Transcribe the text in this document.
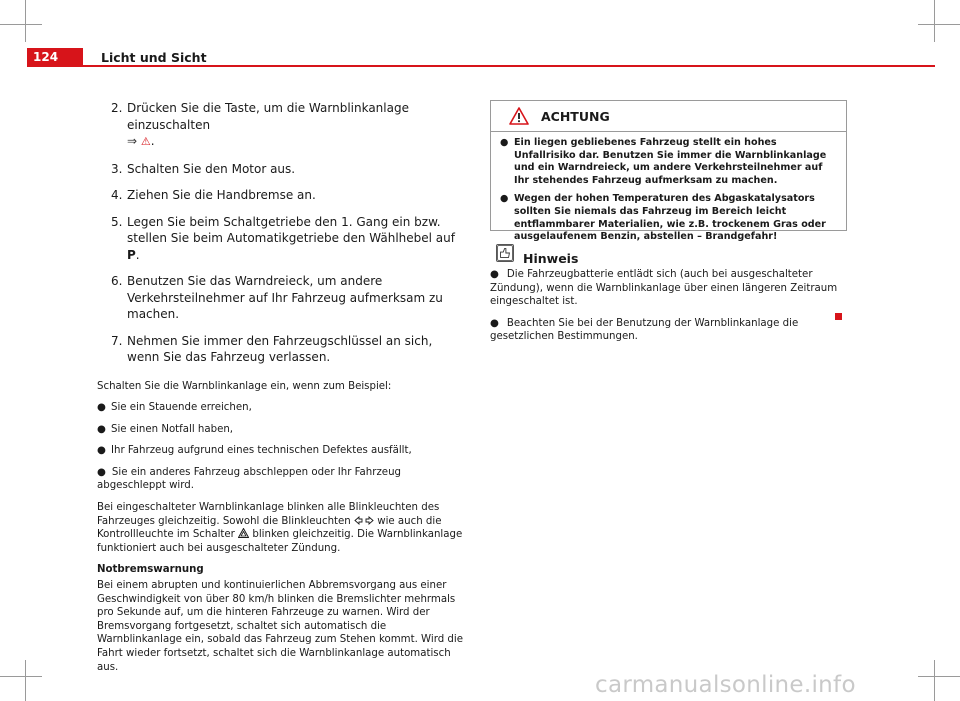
124	Licht und Sicht
2. Drücken Sie die Taste, um die Warnblinkanlage einzuschalten
⇒ ⚠.
3. Schalten Sie den Motor aus.
4. Ziehen Sie die Handbremse an.
5. Legen Sie beim Schaltgetriebe den 1. Gang ein bzw. stellen Sie beim Automatikgetriebe den Wählhebel auf P.
6. Benutzen Sie das Warndreieck, um andere Verkehrsteilnehmer auf Ihr Fahrzeug aufmerksam zu machen.
7. Nehmen Sie immer den Fahrzeugschlüssel an sich, wenn Sie das Fahrzeug verlassen.
Schalten Sie die Warnblinkanlage ein, wenn zum Beispiel:
● Sie ein Stauende erreichen,
● Sie einen Notfall haben,
● Ihr Fahrzeug aufgrund eines technischen Defektes ausfällt,
● Sie ein anderes Fahrzeug abschleppen oder Ihr Fahrzeug abgeschleppt wird.

Bei eingeschalteter Warnblinkanlage blinken alle Blinkleuchten des Fahrzeuges gleichzeitig. Sowohl die Blinkleuchten  wie auch die Kontrollleuchte im Schalter  blinken gleichzeitig. Die Warnblinkanlage funktioniert auch bei ausgeschalteter Zündung.

Notbremswarnung

Bei einem abrupten und kontinuierlichen Abbremsvorgang aus einer Geschwindigkeit von über 80 km/h blinken die Bremslichter mehrmals pro Sekunde auf, um die hinteren Fahrzeuge zu warnen. Wird der Bremsvorgang fortgesetzt, schaltet sich automatisch die Warnblinkanlage ein, sobald das Fahrzeug zum Stehen kommt. Wird die Fahrt wieder fortsetzt, schaltet sich die Warnblinkanlage automatisch aus.

ACHTUNG
● Ein liegen gebliebenes Fahrzeug stellt ein hohes Unfallrisiko dar. Benutzen Sie immer die Warnblinkanlage und ein Warndreieck, um andere Verkehrsteilnehmer auf Ihr stehendes Fahrzeug aufmerksam zu machen.
● Wegen der hohen Temperaturen des Abgaskatalysators sollten Sie niemals das Fahrzeug im Bereich leicht entflammbarer Materialien, wie z.B. trockenem Gras oder ausgelaufenem Benzin, abstellen – Brandgefahr!
Hinweis
● Die Fahrzeugbatterie entlädt sich (auch bei ausgeschalteter Zündung), wenn die Warnblinkanlage über einen längeren Zeitraum eingeschaltet ist.
● Beachten Sie bei der Benutzung der Warnblinkanlage die gesetzlichen Bestimmungen.
carmanualsonline.info
